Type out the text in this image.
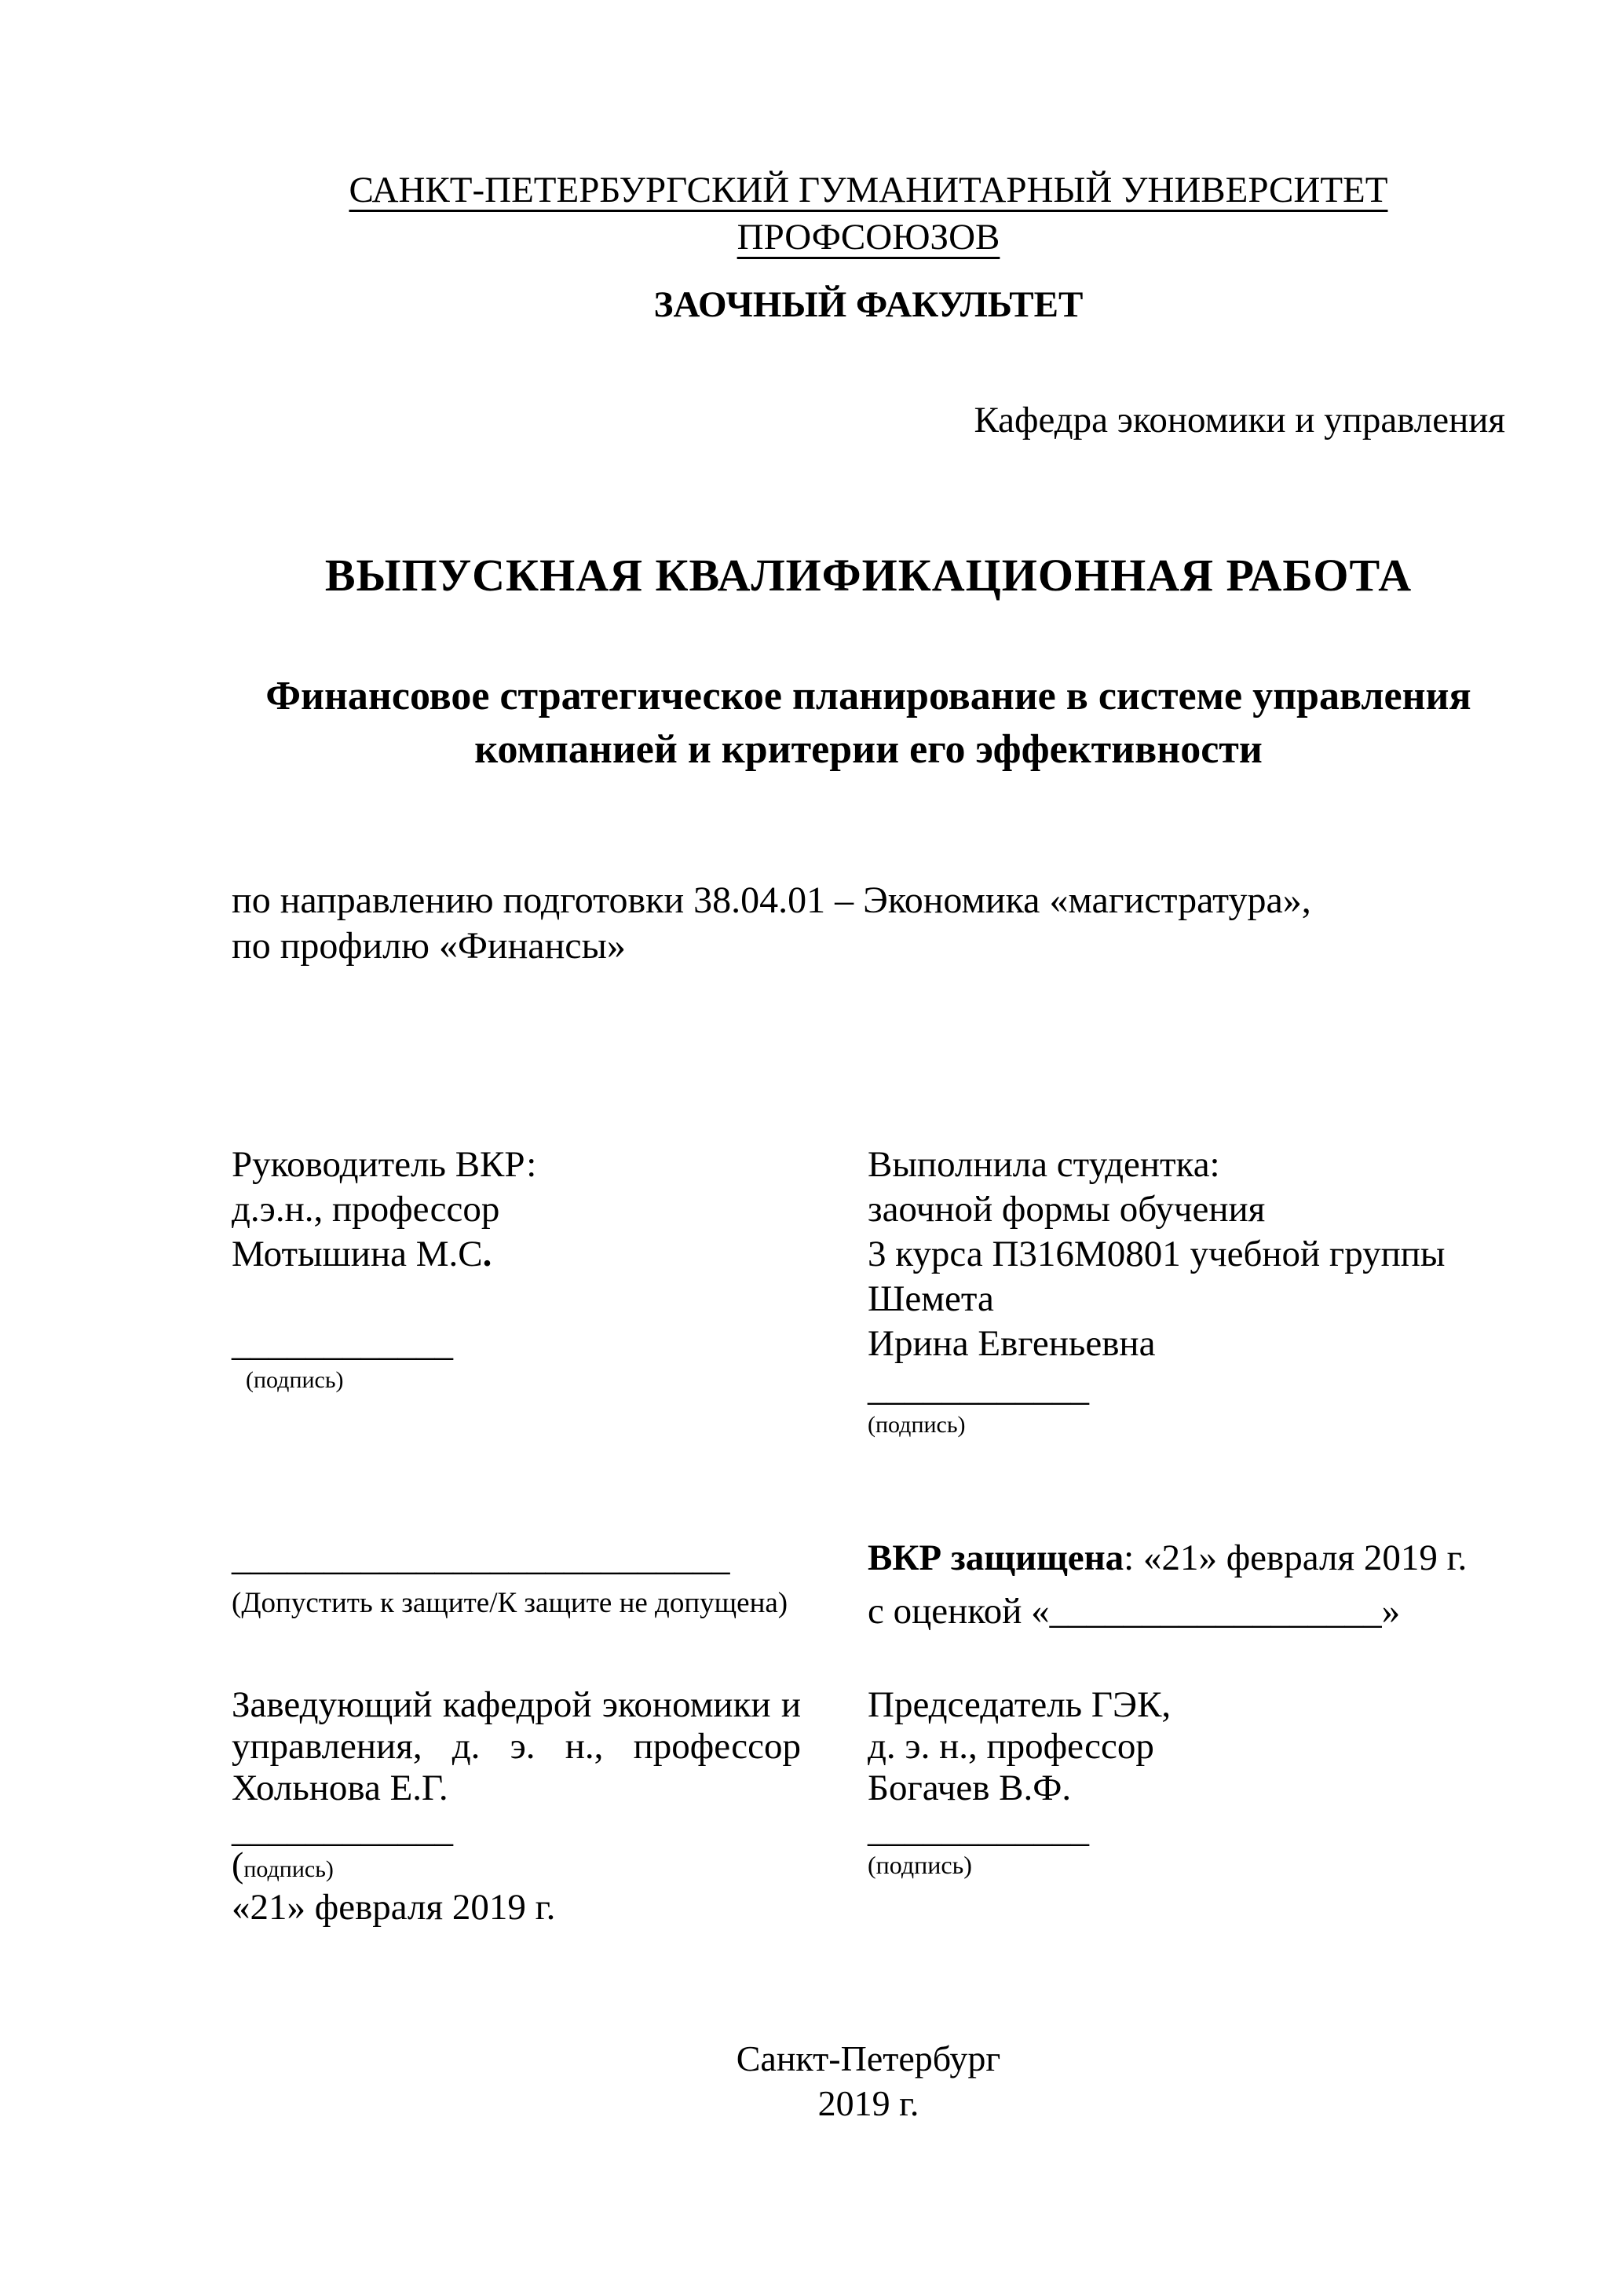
САНКТ-ПЕТЕРБУРГСКИЙ ГУМАНИТАРНЫЙ УНИВЕРСИТЕТ ПРОФСОЮЗОВ
ЗАОЧНЫЙ ФАКУЛЬТЕТ
Кафедра экономики и управления
ВЫПУСКНАЯ КВАЛИФИКАЦИОННАЯ РАБОТА
Финансовое стратегическое планирование в системе управления
компанией и критерии его эффективности
по направлению подготовки 38.04.01 – Экономика «магистратура»,
по профилю «Финансы»
Руководитель ВКР:
д.э.н., профессор
Мотышина М.С.
____________
(подпись)
Выполнила студентка:
заочной формы обучения
3 курса П316М0801 учебной группы
Шемета
Ирина Евгеньевна
____________
(подпись)
___________________________
(Допустить к защите/К защите не допущена)
ВКР защищена: «21» февраля 2019 г.
с оценкой «__________________»
Заведующий кафедрой экономики и
управления, д. э. н., профессор
Хольнова Е.Г.
____________
(подпись)
«21» февраля 2019 г.
Председатель ГЭК,
д. э. н., профессор
Богачев В.Ф.
____________
(подпись)
Санкт-Петербург
2019 г.
